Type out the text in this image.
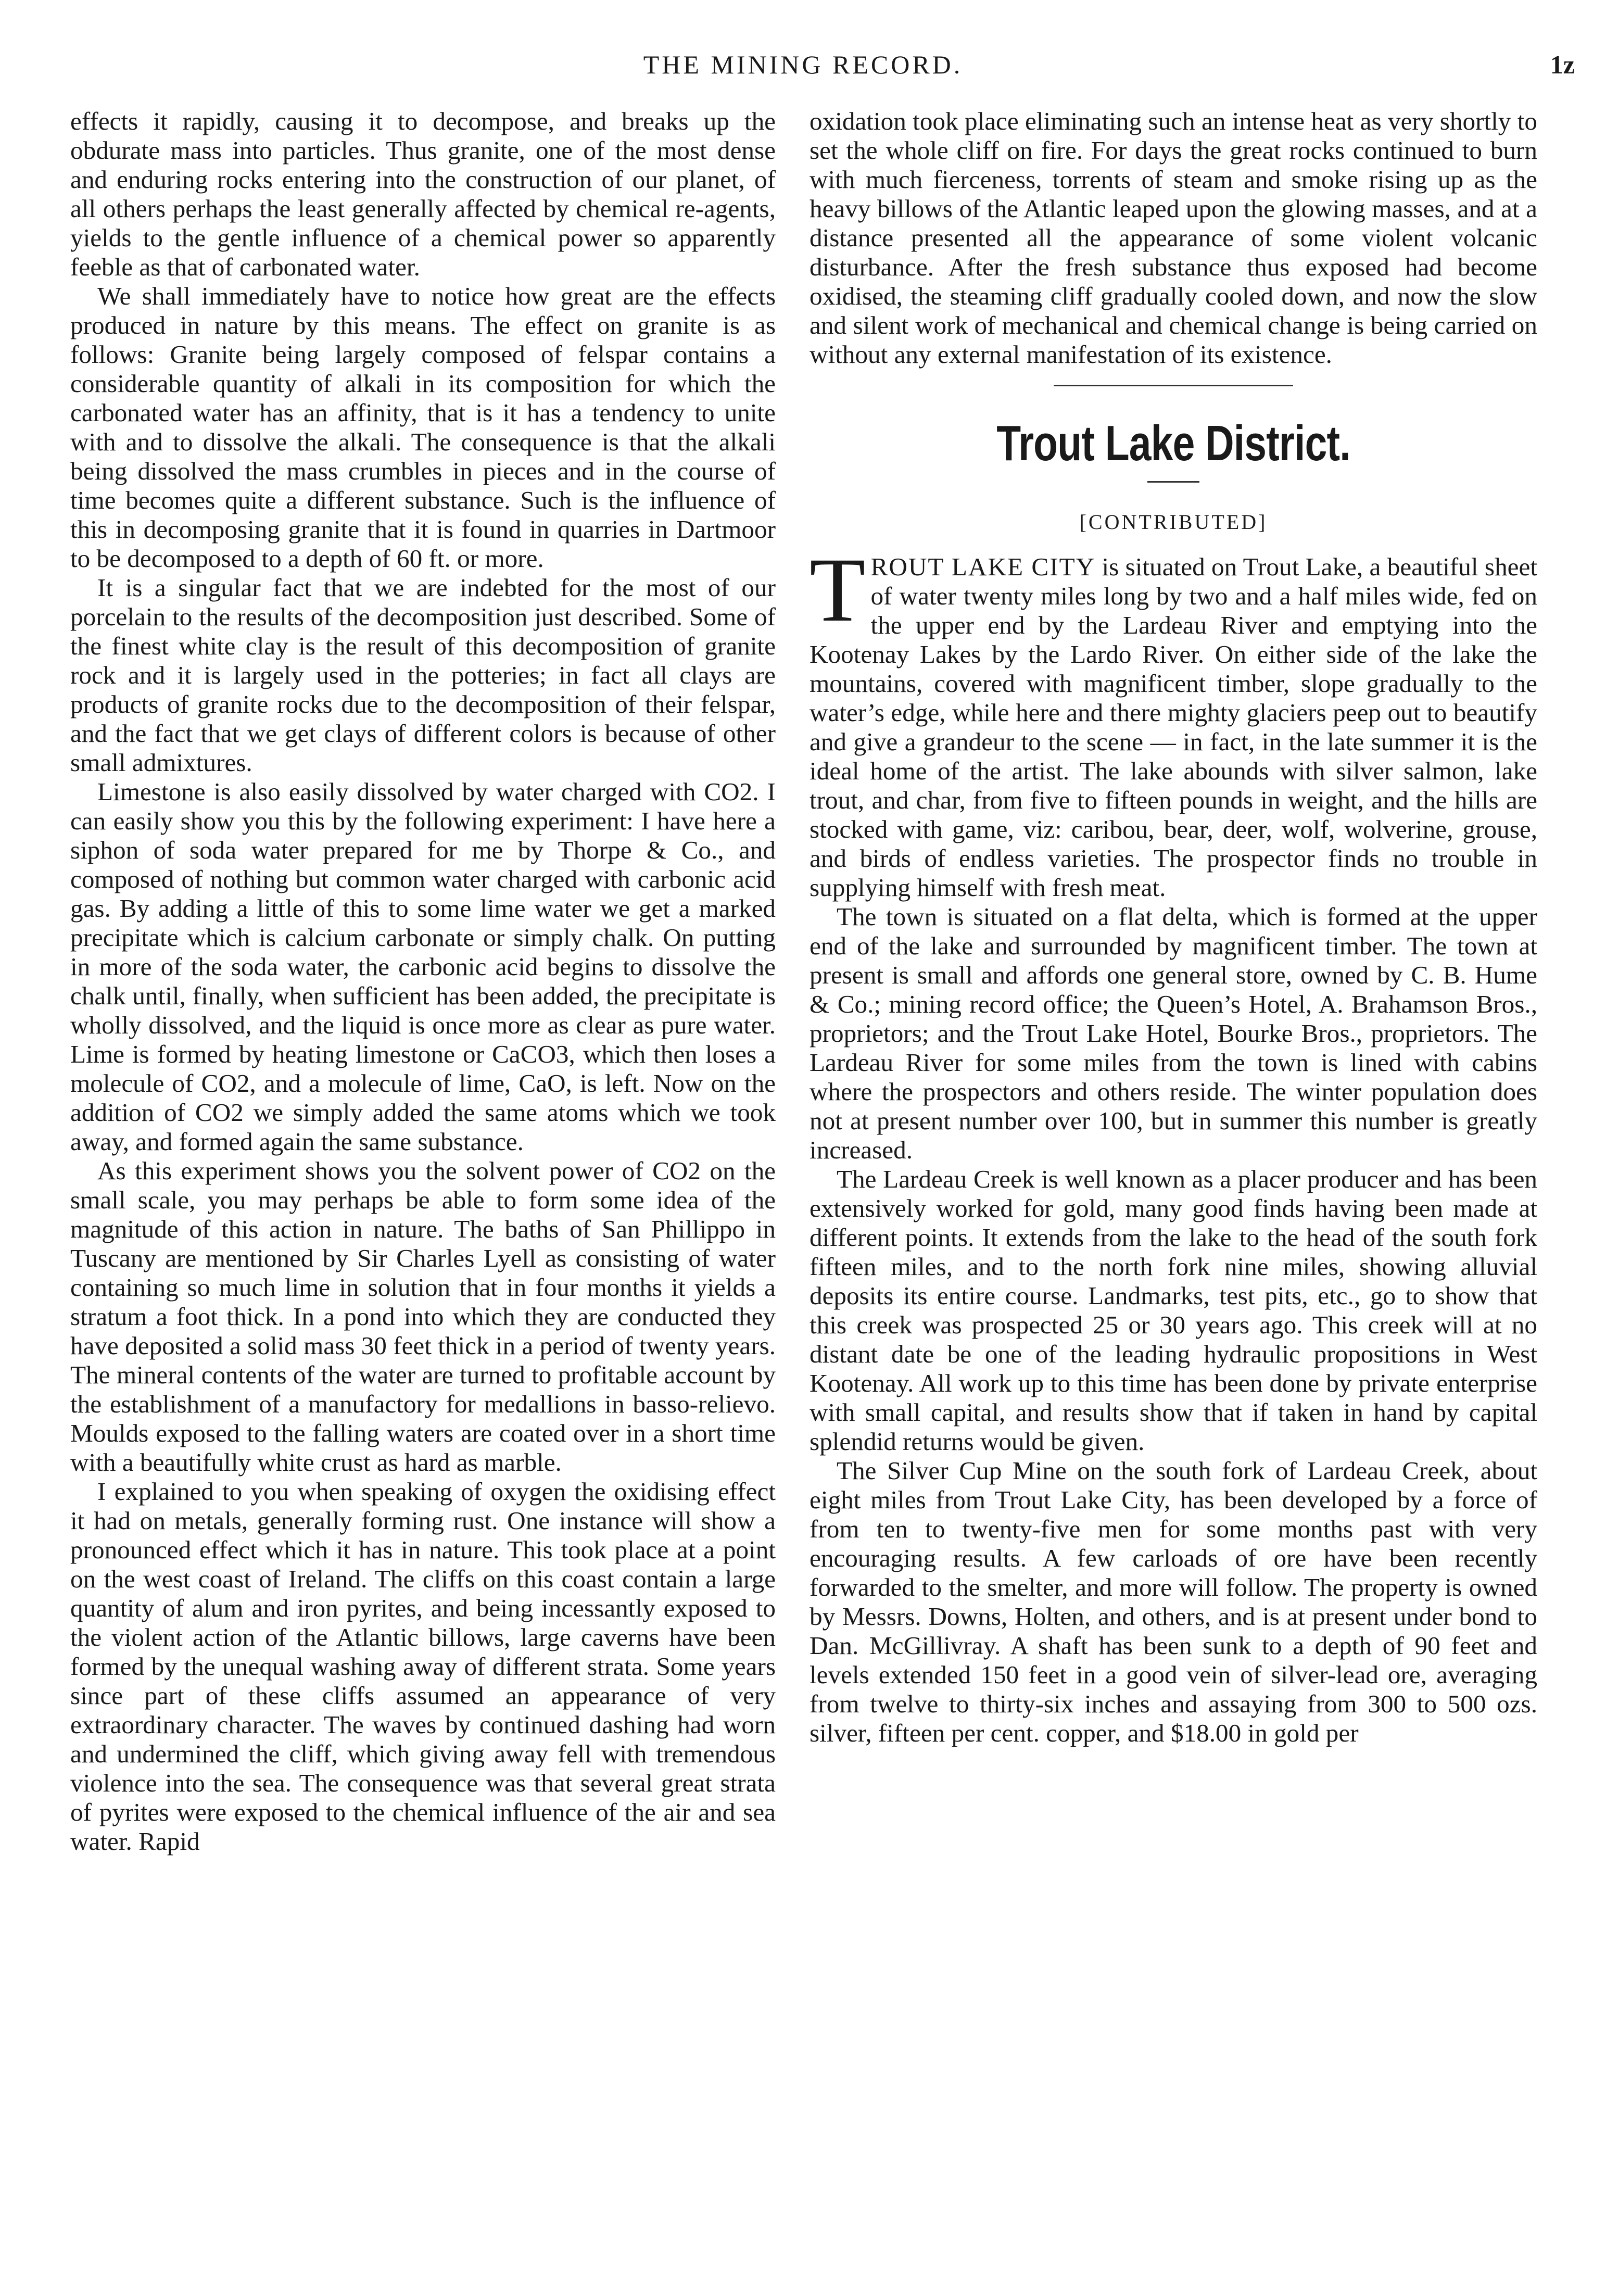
THE MINING RECORD.	1z

effects it rapidly, causing it to decompose, and breaks up the obdurate mass into particles. Thus granite, one of the most dense and enduring rocks entering into the construction of our planet, of all others perhaps the least generally affected by chemical re-agents, yields to the gentle influence of a chemical power so apparently feeble as that of carbonated water.

We shall immediately have to notice how great are the effects produced in nature by this means. The effect on granite is as follows: Granite being largely composed of felspar contains a considerable quantity of alkali in its composition for which the carbonated water has an affinity, that is it has a tendency to unite with and to dissolve the alkali. The consequence is that the alkali being dissolved the mass crumbles in pieces and in the course of time becomes quite a different substance. Such is the influence of this in decomposing granite that it is found in quarries in Dartmoor to be decomposed to a depth of 60 ft. or more.

It is a singular fact that we are indebted for the most of our porcelain to the results of the decomposition just described. Some of the finest white clay is the result of this decomposition of granite rock and it is largely used in the potteries; in fact all clays are products of granite rocks due to the decomposition of their felspar, and the fact that we get clays of different colors is because of other small admixtures.

Limestone is also easily dissolved by water charged with CO2. I can easily show you this by the following experiment: I have here a siphon of soda water prepared for me by Thorpe & Co., and composed of nothing but common water charged with carbonic acid gas. By adding a little of this to some lime water we get a marked precipitate which is calcium carbonate or simply chalk. On putting in more of the soda water, the carbonic acid begins to dissolve the chalk until, finally, when sufficient has been added, the precipitate is wholly dissolved, and the liquid is once more as clear as pure water. Lime is formed by heating limestone or CaCO3, which then loses a molecule of CO2, and a molecule of lime, CaO, is left. Now on the addition of CO2 we simply added the same atoms which we took away, and formed again the same substance.

As this experiment shows you the solvent power of CO2 on the small scale, you may perhaps be able to form some idea of the magnitude of this action in nature. The baths of San Phillippo in Tuscany are mentioned by Sir Charles Lyell as consisting of water containing so much lime in solution that in four months it yields a stratum a foot thick. In a pond into which they are conducted they have deposited a solid mass 30 feet thick in a period of twenty years. The mineral contents of the water are turned to profitable account by the establishment of a manufactory for medallions in basso-relievo. Moulds exposed to the falling waters are coated over in a short time with a beautifully white crust as hard as marble.

I explained to you when speaking of oxygen the oxidising effect it had on metals, generally forming rust. One instance will show a pronounced effect which it has in nature. This took place at a point on the west coast of Ireland. The cliffs on this coast contain a large quantity of alum and iron pyrites, and being incessantly exposed to the violent action of the Atlantic billows, large caverns have been formed by the unequal washing away of different strata. Some years since part of these cliffs assumed an appearance of very extraordinary character. The waves by continued dashing had worn and undermined the cliff, which giving away fell with tremendous violence into the sea. The consequence was that several great strata of pyrites were exposed to the chemical influence of the air and sea water. Rapid

oxidation took place eliminating such an intense heat as very shortly to set the whole cliff on fire. For days the great rocks continued to burn with much fierceness, torrents of steam and smoke rising up as the heavy billows of the Atlantic leaped upon the glowing masses, and at a distance presented all the appearance of some violent volcanic disturbance. After the fresh substance thus exposed had become oxidised, the steaming cliff gradually cooled down, and now the slow and silent work of mechanical and chemical change is being carried on without any external manifestation of its existence.

Trout Lake District.
[CONTRIBUTED]

TROUT LAKE CITY is situated on Trout Lake, a beautiful sheet of water twenty miles long by two and a half miles wide, fed on the upper end by the Lardeau River and emptying into the Kootenay Lakes by the Lardo River. On either side of the lake the mountains, covered with magnificent timber, slope gradually to the water’s edge, while here and there mighty glaciers peep out to beautify and give a grandeur to the scene — in fact, in the late summer it is the ideal home of the artist. The lake abounds with silver salmon, lake trout, and char, from five to fifteen pounds in weight, and the hills are stocked with game, viz: caribou, bear, deer, wolf, wolverine, grouse, and birds of endless varieties. The prospector finds no trouble in supplying himself with fresh meat.

The town is situated on a flat delta, which is formed at the upper end of the lake and surrounded by magnificent timber. The town at present is small and affords one general store, owned by C. B. Hume & Co.; mining record office; the Queen’s Hotel, A. Brahamson Bros., proprietors; and the Trout Lake Hotel, Bourke Bros., proprietors. The Lardeau River for some miles from the town is lined with cabins where the prospectors and others reside. The winter population does not at present number over 100, but in summer this number is greatly increased.

The Lardeau Creek is well known as a placer producer and has been extensively worked for gold, many good finds having been made at different points. It extends from the lake to the head of the south fork fifteen miles, and to the north fork nine miles, showing alluvial deposits its entire course. Landmarks, test pits, etc., go to show that this creek was prospected 25 or 30 years ago. This creek will at no distant date be one of the leading hydraulic propositions in West Kootenay. All work up to this time has been done by private enterprise with small capital, and results show that if taken in hand by capital splendid returns would be given.

The Silver Cup Mine on the south fork of Lardeau Creek, about eight miles from Trout Lake City, has been developed by a force of from ten to twenty-five men for some months past with very encouraging results. A few carloads of ore have been recently forwarded to the smelter, and more will follow. The property is owned by Messrs. Downs, Holten, and others, and is at present under bond to Dan. McGillivray. A shaft has been sunk to a depth of 90 feet and levels extended 150 feet in a good vein of silver-lead ore, averaging from twelve to thirty-six inches and assaying from 300 to 500 ozs. silver, fifteen per cent. copper, and $18.00 in gold per
